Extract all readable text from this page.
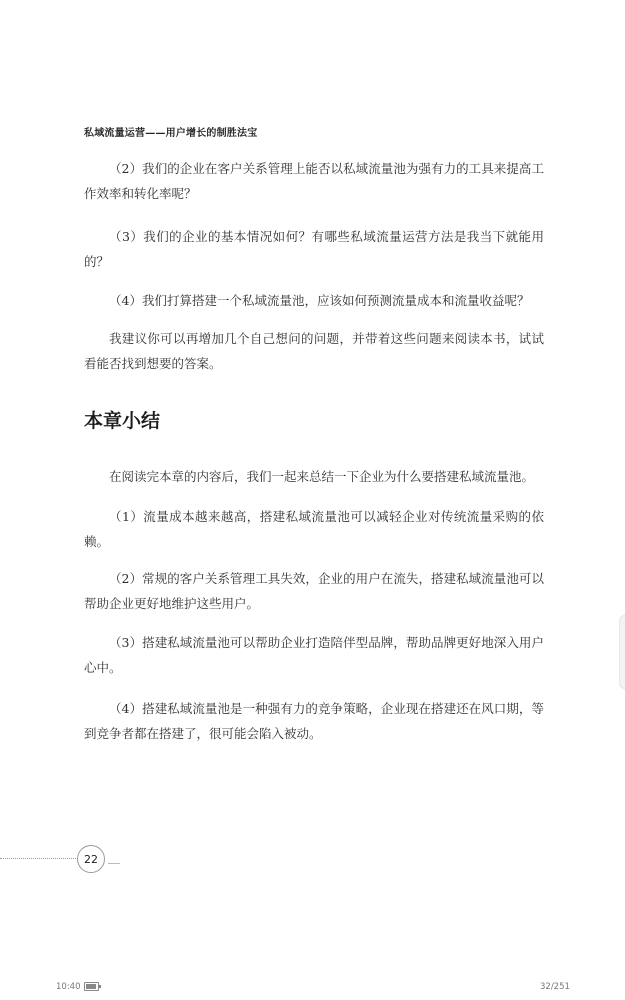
私域流量运营——用户增长的制胜法宝

（2）我们的企业在客户关系管理上能否以私域流量池为强有力的工具来提高工作效率和转化率呢？

（3）我们的企业的基本情况如何？有哪些私域流量运营方法是我当下就能用的？

（4）我们打算搭建一个私域流量池，应该如何预测流量成本和流量收益呢？

我建议你可以再增加几个自己想问的问题，并带着这些问题来阅读本书，试试看能否找到想要的答案。

本章小结

在阅读完本章的内容后，我们一起来总结一下企业为什么要搭建私域流量池。

（1）流量成本越来越高，搭建私域流量池可以减轻企业对传统流量采购的依赖。

（2）常规的客户关系管理工具失效，企业的用户在流失，搭建私域流量池可以帮助企业更好地维护这些用户。

（3）搭建私域流量池可以帮助企业打造陪伴型品牌，帮助品牌更好地深入用户心中。

（4）搭建私域流量池是一种强有力的竞争策略，企业现在搭建还在风口期，等到竞争者都在搭建了，很可能会陷入被动。

22
10:40	32/251
